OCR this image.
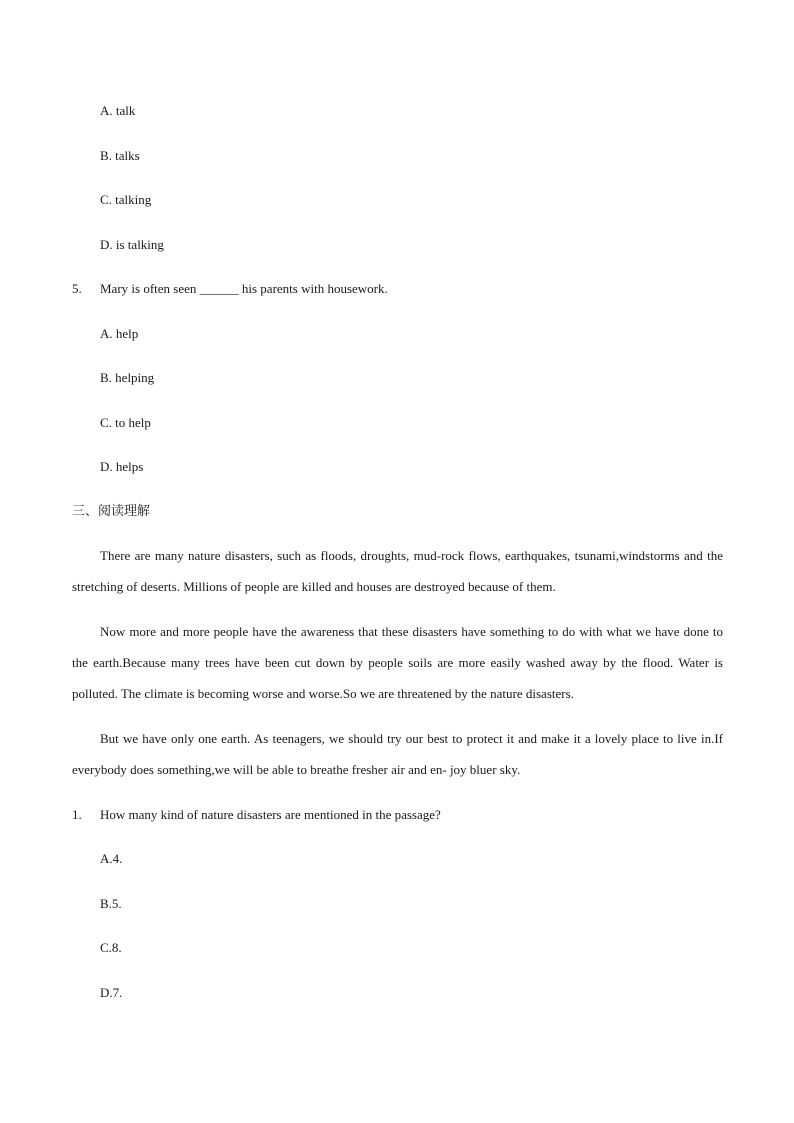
A. talk
B. talks
C. talking
D. is talking
5. Mary is often seen ______ his parents with housework.
A. help
B. helping
C. to help
D. helps
三、阅读理解
There are many nature disasters, such as floods, droughts, mud-rock flows, earthquakes, tsunami,windstorms and the stretching of deserts. Millions of people are killed and houses are destroyed because of them.
Now more and more people have the awareness that these disasters have something to do with what we have done to the earth.Because many trees have been cut down by people soils are more easily washed away by the flood. Water is polluted. The climate is becoming worse and worse.So we are threatened by the nature disasters.
But we have only one earth. As teenagers, we should try our best to protect it and make it a lovely place to live in.If everybody does something,we will be able to breathe fresher air and en- joy bluer sky.
1. How many kind of nature disasters are mentioned in the passage?
A.4.
B.5.
C.8.
D.7.
